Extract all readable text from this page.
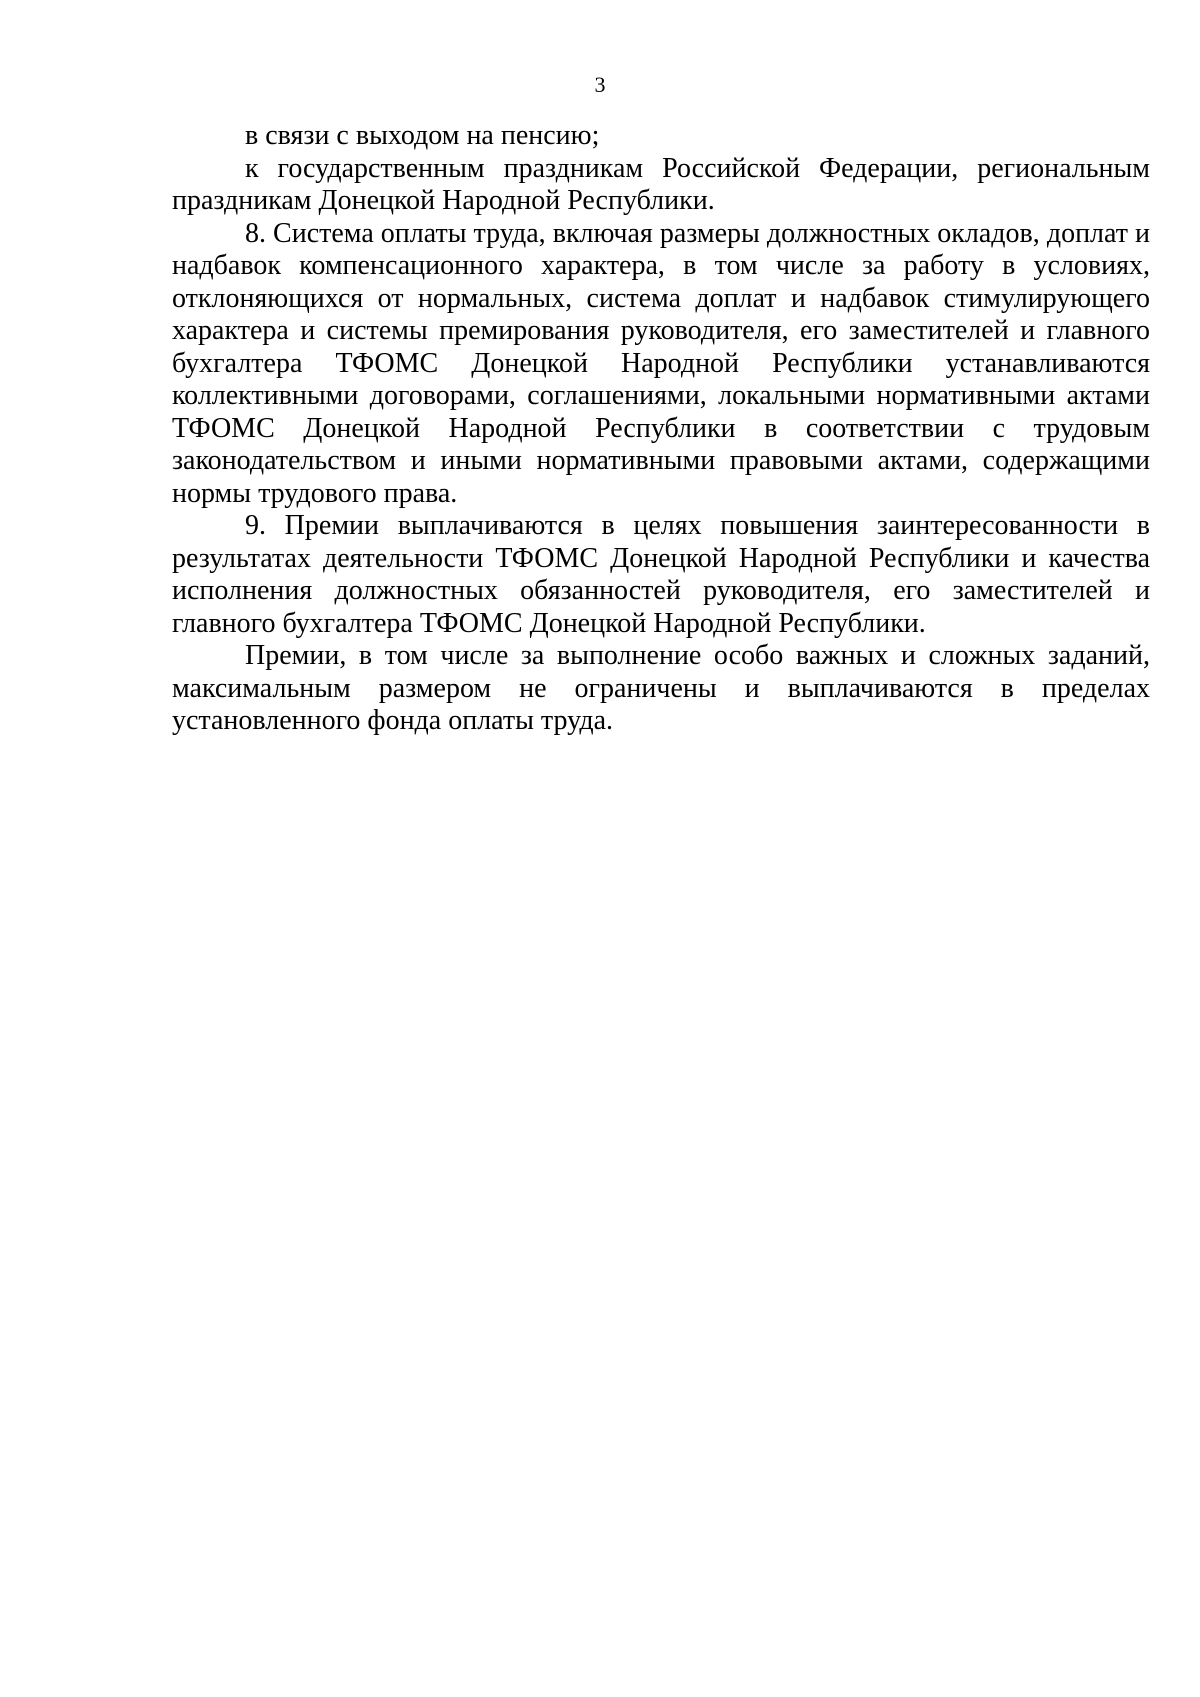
3

в связи с выходом на пенсию;

к государственным праздникам Российской Федерации, региональным праздникам Донецкой Народной Республики.

8. Система оплаты труда, включая размеры должностных окладов, доплат и надбавок компенсационного характера, в том числе за работу в условиях, отклоняющихся от нормальных, система доплат и надбавок стимулирующего характера и системы премирования руководителя, его заместителей и главного бухгалтера ТФОМС Донецкой Народной Республики устанавливаются коллективными договорами, соглашениями, локальными нормативными актами ТФОМС Донецкой Народной Республики в соответствии с трудовым законодательством и иными нормативными правовыми актами, содержащими нормы трудового права.

9. Премии выплачиваются в целях повышения заинтересованности в результатах деятельности ТФОМС Донецкой Народной Республики и качества исполнения должностных обязанностей руководителя, его заместителей и главного бухгалтера ТФОМС Донецкой Народной Республики.

Премии, в том числе за выполнение особо важных и сложных заданий, максимальным размером не ограничены и выплачиваются в пределах установленного фонда оплаты труда.
